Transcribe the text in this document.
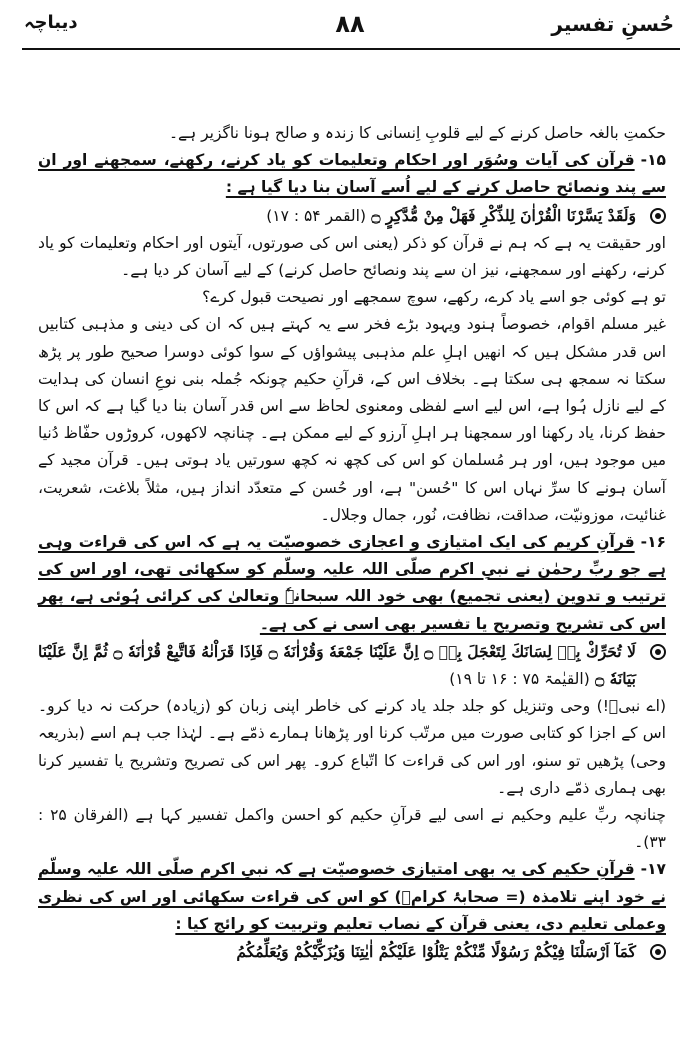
حُسنِ تفسیر
۸۸
دیباچہ

حکمتِ بالغہ حاصل کرنے کے لیے قلوبِ اِنسانی کا زندہ و صالح ہونا ناگزیر ہے۔

۱۵-قرآن کی آیات وسُوَر اور احکام وتعلیمات کو یاد کرنے، رکھنے، سمجھنے اور ان سے پند ونصائح حاصل کرنے کے لیے اُسے آسان بنا دیا گیا ہے :

وَلَقَدْ يَسَّرْنَا الْقُرْاٰنَ لِلذِّكْرِ فَهَلْ مِنْ مُّدَّكِرٍ ۝ (القمر ۵۴ : ۱۷)

اور حقیقت یہ ہے کہ ہم نے قرآن کو ذکر (یعنی اس کی صورتوں، آیتوں اور احکام وتعلیمات کو یاد کرنے، رکھنے اور سمجھنے، نیز ان سے پند ونصائح حاصل کرنے) کے لیے آسان کر دیا ہے۔

تو ہے کوئی جو اسے یاد کرے، رکھے، سوچ سمجھے اور نصیحت قبول کرے؟

غیر مسلم اقوام، خصوصاً ہنود ویہود بڑے فخر سے یہ کہتے ہیں کہ ان کی دینی و مذہبی کتابیں اس قدر مشکل ہیں کہ انھیں اہلِ علم مذہبی پیشواؤں کے سوا کوئی دوسرا صحیح طور پر پڑھ سکتا نہ سمجھ ہی سکتا ہے۔ بخلاف اس کے، قرآنِ حکیم چونکہ جُملہ بنی نوعِ انسان کی ہدایت کے لیے نازل ہُوا ہے، اس لیے اسے لفظی ومعنوی لحاظ سے اس قدر آسان بنا دیا گیا ہے کہ اس کا حفظ کرنا، یاد رکھنا اور سمجھنا ہر اہلِ آرزو کے لیے ممکن ہے۔ چنانچہ لاکھوں، کروڑوں حفّاظ دُنیا میں موجود ہیں، اور ہر مُسلمان کو اس کی کچھ نہ کچھ سورتیں یاد ہوتی ہیں۔ قرآن مجید کے آسان ہونے کا سرِّ نہاں اس کا "حُسن" ہے، اور حُسن کے متعدّد انداز ہیں، مثلاً بلاغت، شعریت، غنائیت، موزونیّت، صداقت، نظافت، نُور، جمال وجلال۔

۱۶-قرآنِ کریم کی ایک امتیازی و اعجازی خصوصیّت یہ ہے کہ اس کی قراءت وہی ہے جو ربِّ رحمٰن نے نبیِ اکرم صلّی اللہ علیہ وسلّم کو سکھائی تھی، اور اس کی ترتیب و تدوین (یعنی تجمیع) بھی خود اللہ سبحانہٗ وتعالیٰ کی کرائی ہُوئی ہے، پھر اس کی تشریح وتصریح یا تفسیر بھی اسی نے کی ہے۔

لَا تُحَرِّكْ بِهٖ لِسَانَكَ لِتَعْجَلَ بِهٖ ۝ اِنَّ عَلَيْنَا جَمْعَهٗ وَقُرْاٰنَهٗ ۝ فَاِذَا قَرَاْنٰهُ فَاتَّبِعْ قُرْاٰنَهٗ ۝ ثُمَّ اِنَّ عَلَيْنَا بَيَانَهٗ ۝ (القیٰمۃ ۷۵ : ۱۶ تا ۱۹)

(اے نبیؐ!) وحی وتنزیل کو جلد جلد یاد کرنے کی خاطر اپنی زبان کو (زیادہ) حرکت نہ دیا کرو۔ اس کے اجزا کو کتابی صورت میں مرتّب کرنا اور پڑھانا ہمارے ذمّے ہے۔ لہٰذا جب ہم اسے (بذریعہ وحی) پڑھیں تو سنو، اور اس کی قراءت کا اتّباع کرو۔ پھر اس کی تصریح وتشریح یا تفسیر کرنا بھی ہماری ذمّے داری ہے۔

چنانچہ ربِّ علیم وحکیم نے اسی لیے قرآنِ حکیم کو احسن واکمل تفسیر کہا ہے (الفرقان ۲۵ : ۳۳)۔

۱۷-قرآنِ حکیم کی یہ بھی امتیازی خصوصیّت ہے کہ نبیِ اکرم صلّی اللہ علیہ وسلّم نے خود اپنے تلامذہ (= صحابۂ کرامؓ) کو اس کی قراءت سکھائی اور اس کی نظری وعملی تعلیم دی، یعنی قرآن کے نصاب تعلیم وتربیت کو رائج کیا :

كَمَآ اَرْسَلْنَا فِيْكُمْ رَسُوْلًا مِّنْكُمْ يَتْلُوْا عَلَيْكُمْ اٰيٰتِنَا وَيُزَكِّيْكُمْ وَيُعَلِّمُكُمُ
